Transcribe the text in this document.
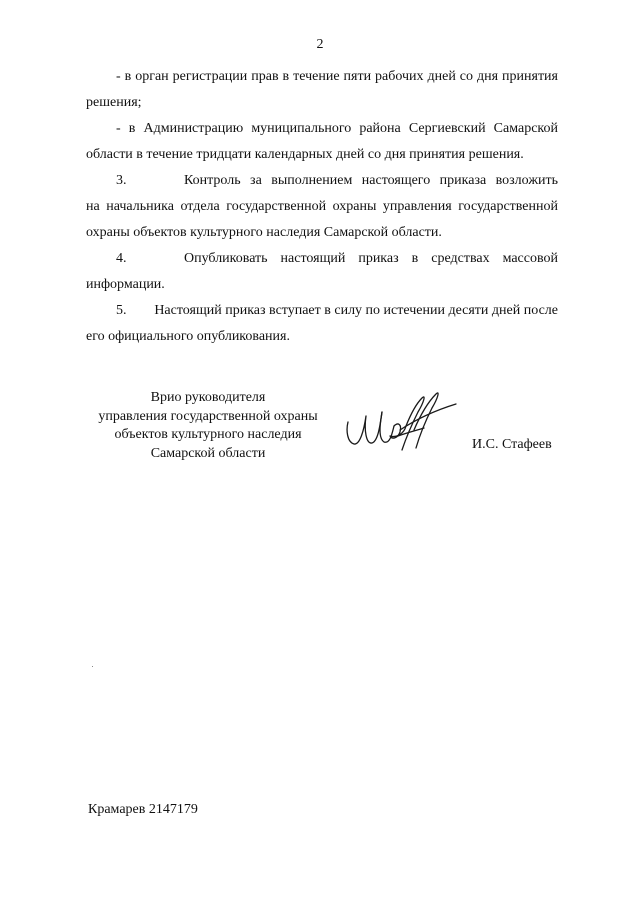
2
- в орган регистрации прав в течение пяти рабочих дней со дня принятия
решения;
- в Администрацию муниципального района Сергиевский Самарской
области в течение тридцати календарных дней со дня принятия решения.
3.	Контроль за выполнением настоящего приказа возложить
на начальника отдела государственной охраны управления государственной
охраны объектов культурного наследия Самарской области.
4.	Опубликовать настоящий приказ в средствах массовой
информации.
5.	Настоящий приказ вступает в силу по истечении десяти дней после
его официального опубликования.
Врио руководителя
управления государственной охраны
объектов культурного наследия
Самарской области
И.С. Стафеев
Крамарев 2147179
